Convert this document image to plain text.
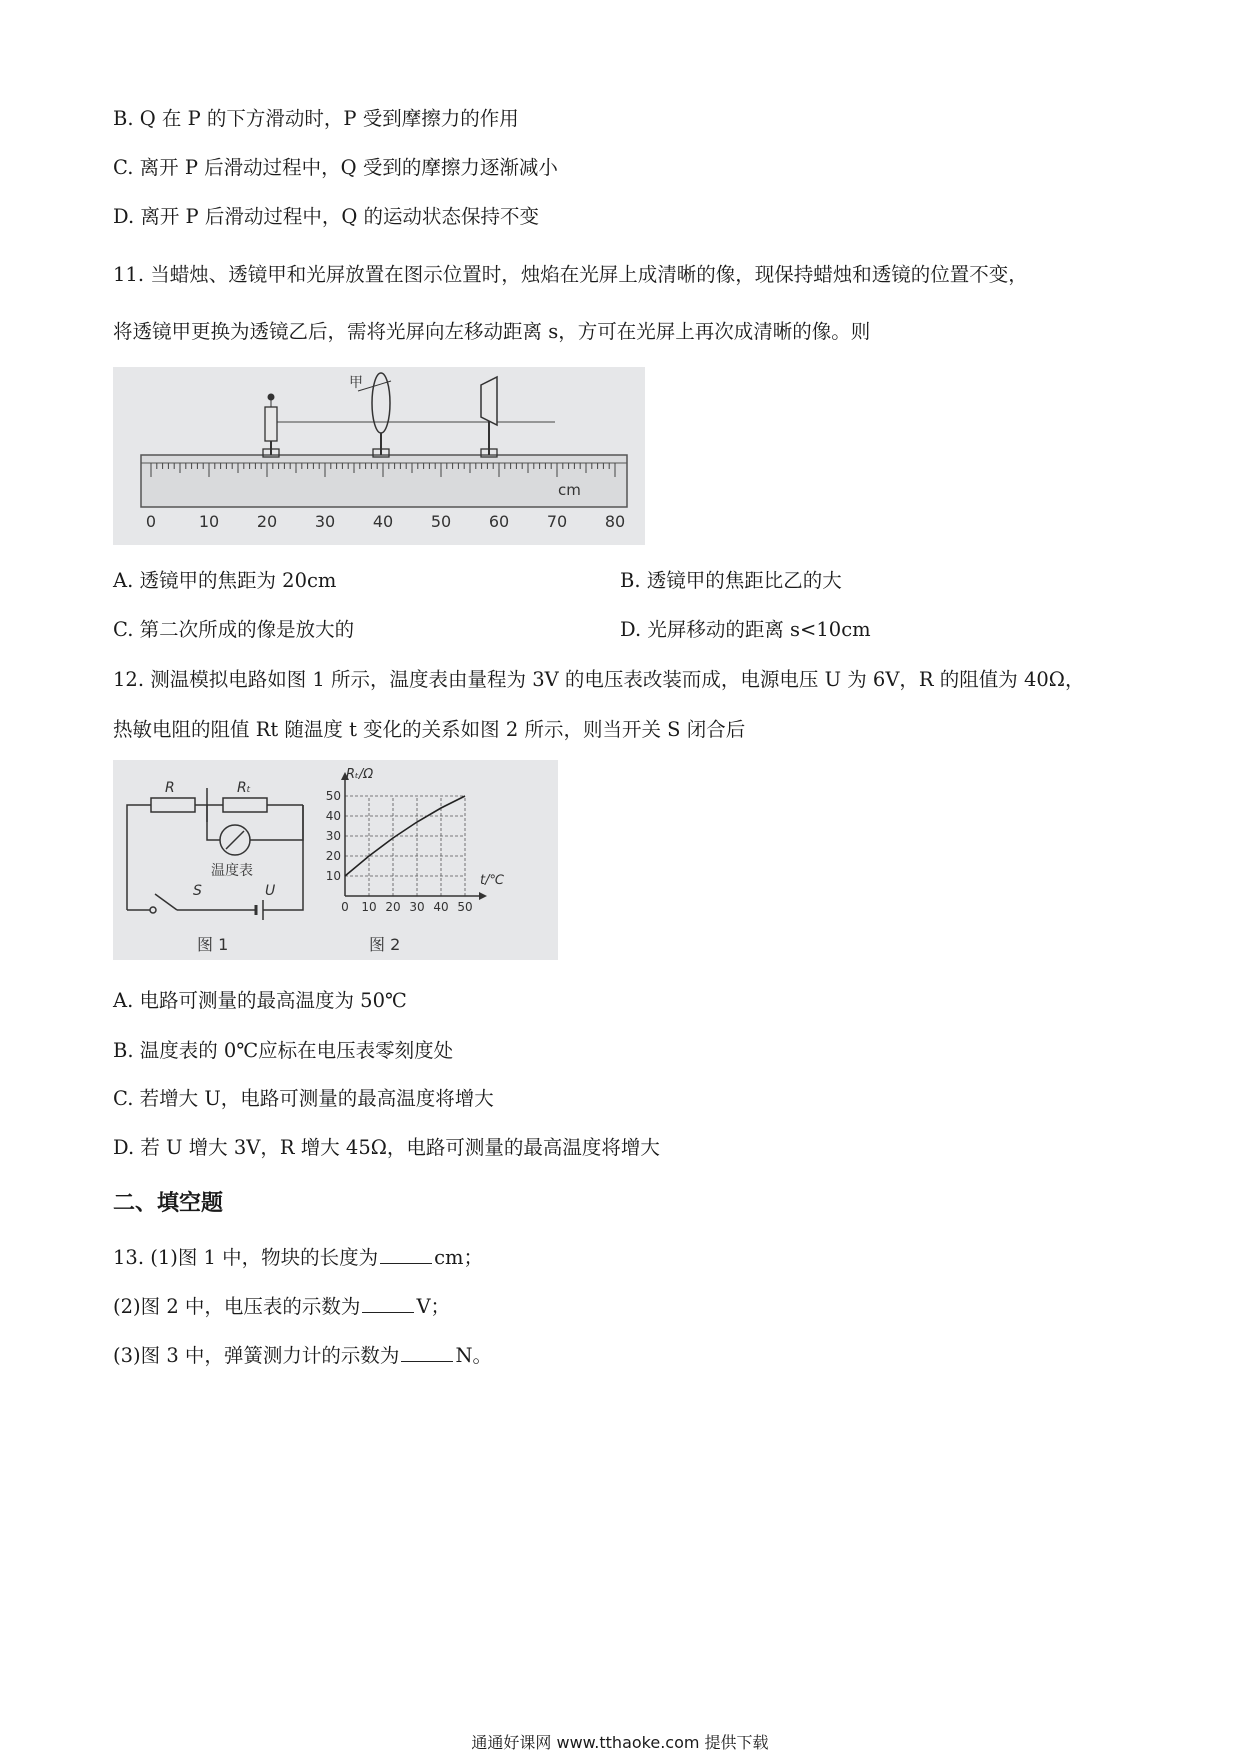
B. Q 在 P 的下方滑动时，P 受到摩擦力的作用
C. 离开 P 后滑动过程中，Q 受到的摩擦力逐渐减小
D. 离开 P 后滑动过程中，Q 的运动状态保持不变
11. 当蜡烛、透镜甲和光屏放置在图示位置时，烛焰在光屏上成清晰的像，现保持蜡烛和透镜的位置不变，
将透镜甲更换为透镜乙后，需将光屏向左移动距离 s，方可在光屏上再次成清晰的像。则
0	10 20 30 40 50 60 70 80
cm
甲
A. 透镜甲的焦距为 20cm	B. 透镜甲的焦距比乙的大
C. 第二次所成的像是放大的	D. 光屏移动的距离 s<10cm
12. 测温模拟电路如图 1 所示，温度表由量程为 3V 的电压表改装而成，电源电压 U 为 6V，R 的阻值为 40Ω，
热敏电阻的阻值 Rt 随温度 t 变化的关系如图 2 所示，则当开关 S 闭合后
R	Rₜ
温度表
S	U
图 1
0 10 20 30 40 50
10
20
30
40
50
Rₜ/Ω
t/℃
图 2
A. 电路可测量的最高温度为 50℃
B. 温度表的 0℃应标在电压表零刻度处
C. 若增大 U，电路可测量的最高温度将增大
D. 若 U 增大 3V，R 增大 45Ω，电路可测量的最高温度将增大
二、填空题
13. (1)图 1 中，物块的长度为	cm；
(2)图 2 中，电压表的示数为	V；
(3)图 3 中，弹簧测力计的示数为	N。
通通好课网 www.tthaoke.com 提供下载
